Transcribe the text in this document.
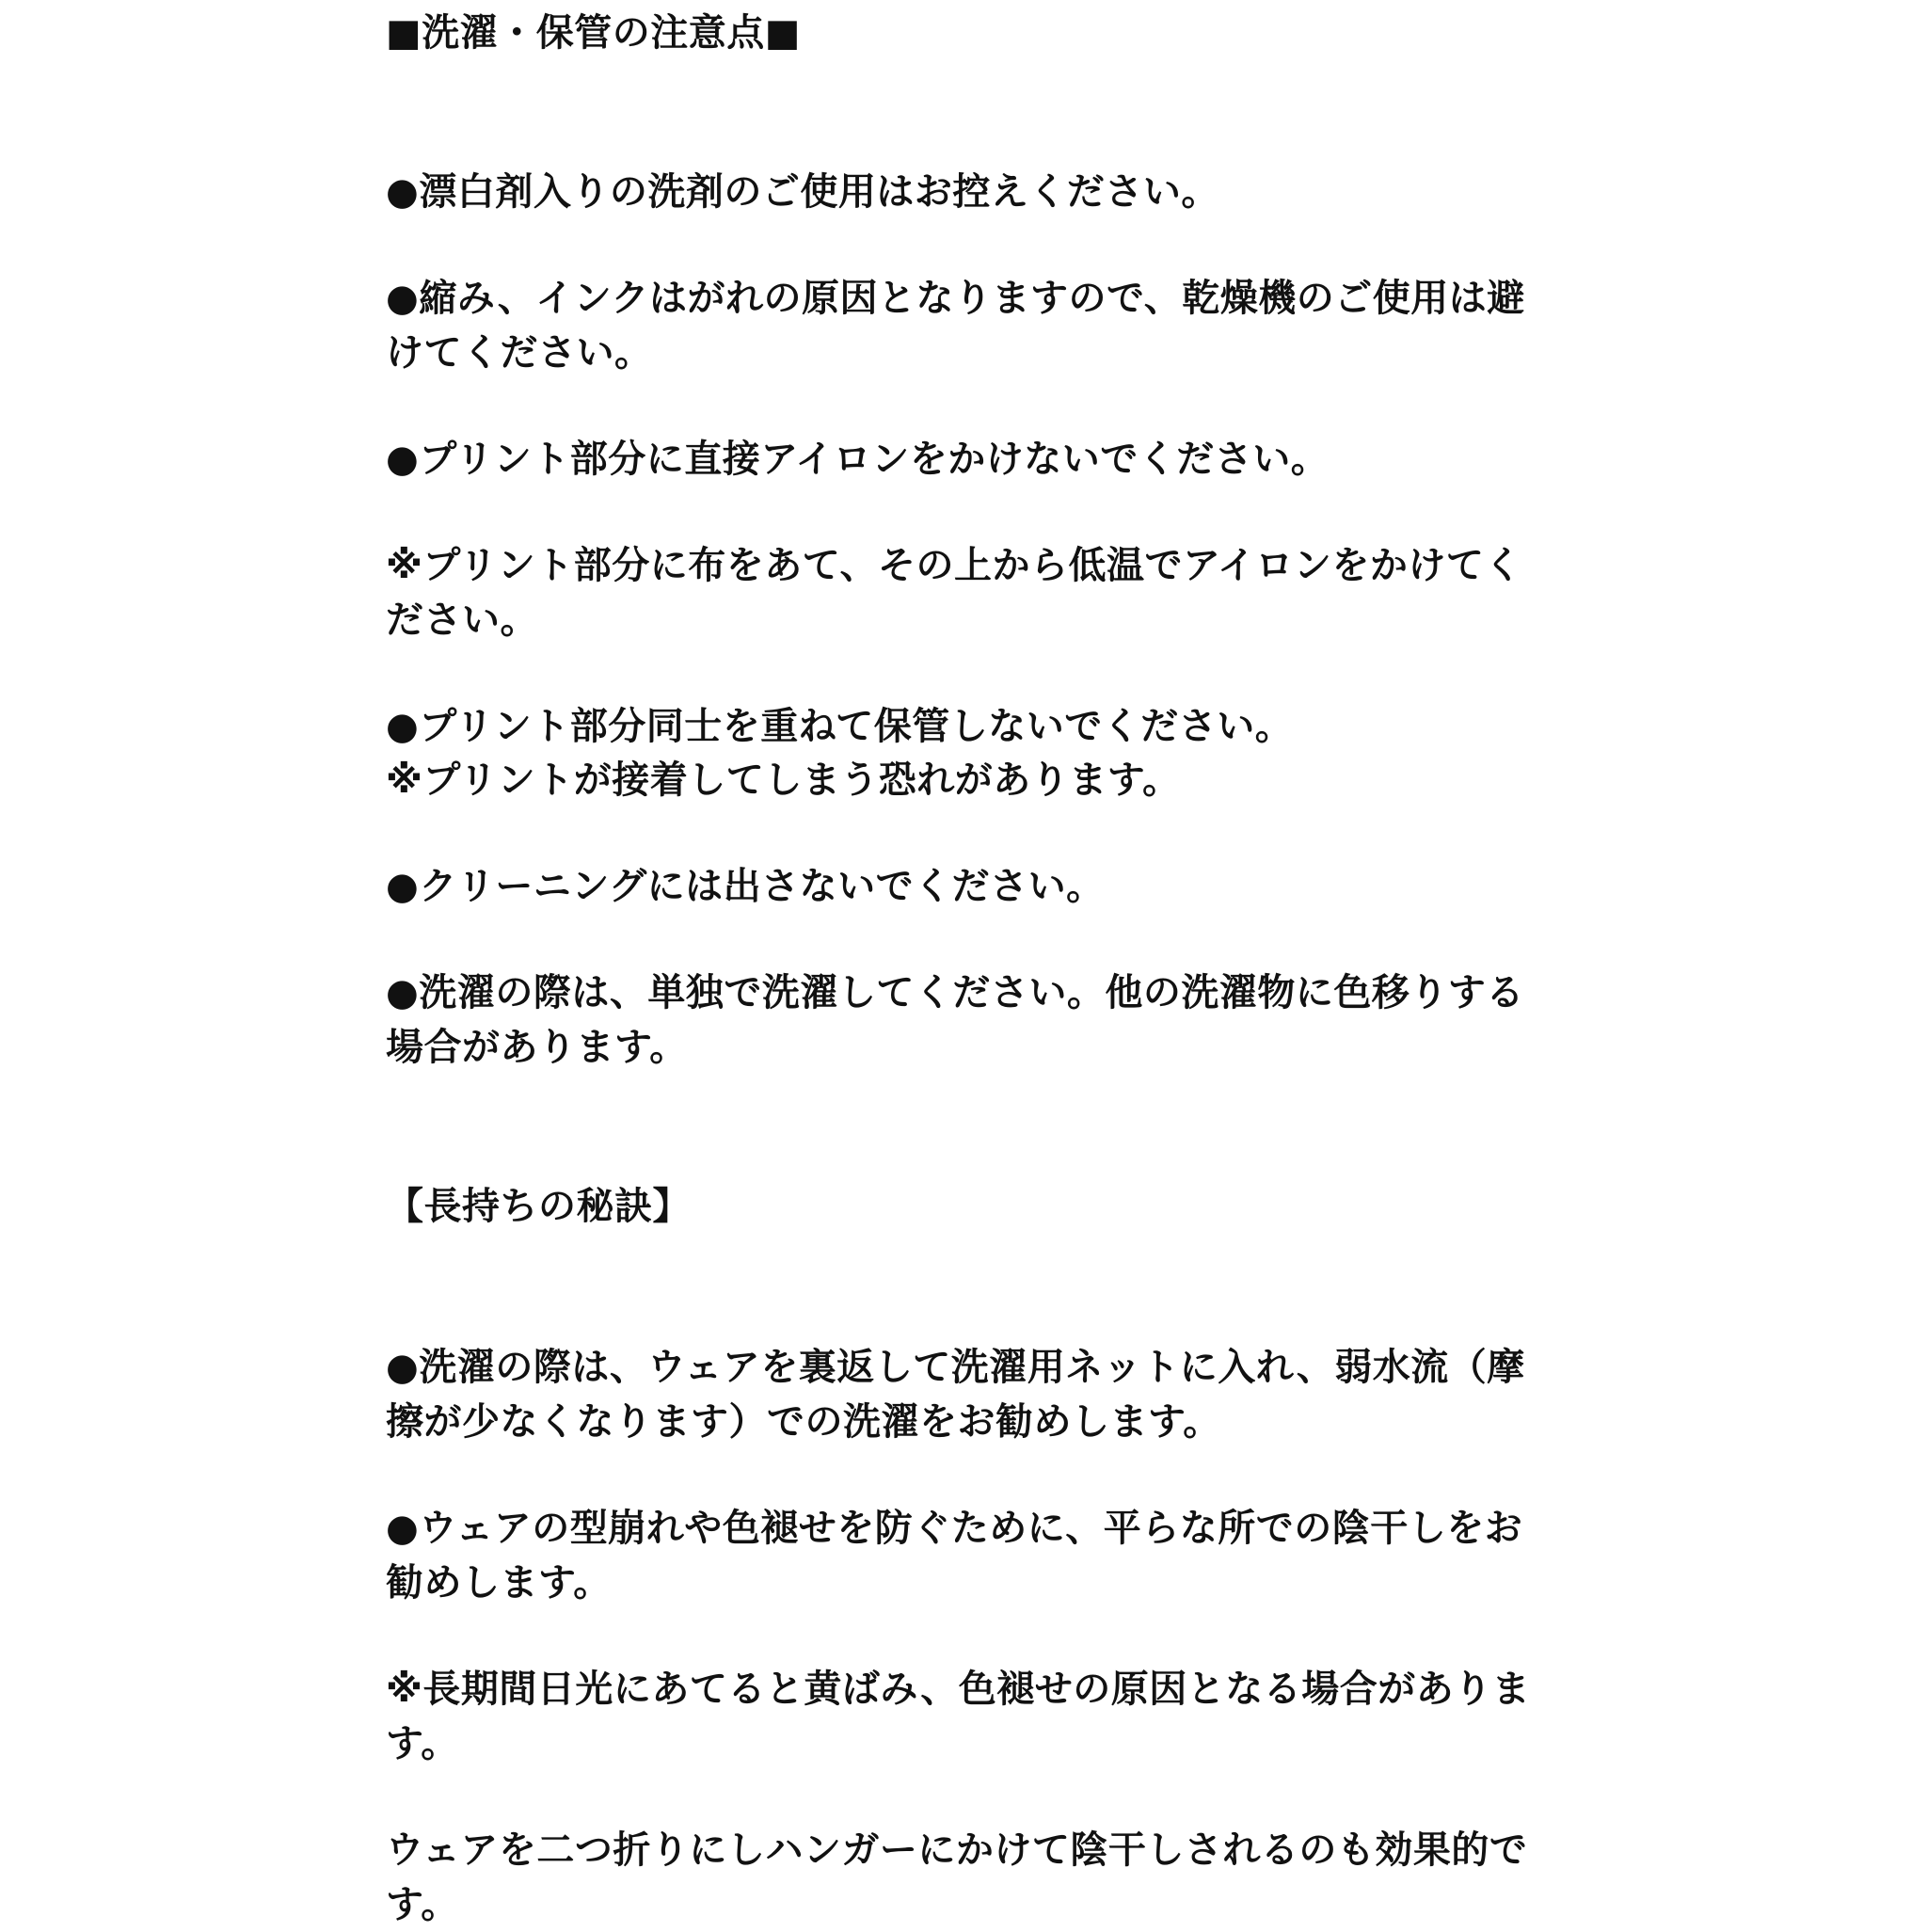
■洗濯・保管の注意点■
●漂白剤入りの洗剤のご使用はお控えください。
●縮み、インクはがれの原因となりますので、乾燥機のご使用は避けてください。
●プリント部分に直接アイロンをかけないでください。
※プリント部分に布をあて、その上から低温でアイロンをかけてください。
●プリント部分同士を重ねて保管しないでください。
※プリントが接着してしまう恐れがあります。
●クリーニングには出さないでください。
●洗濯の際は、単独で洗濯してください。他の洗濯物に色移りする場合があります。
【長持ちの秘訣】
●洗濯の際は、ウェアを裏返して洗濯用ネットに入れ、弱水流（摩擦が少なくなります）での洗濯をお勧めします。
●ウェアの型崩れや色褪せを防ぐために、平らな所での陰干しをお勧めします。
※長期間日光にあてると黄ばみ、色褪せの原因となる場合があります。
ウェアを二つ折りにしハンガーにかけて陰干しされるのも効果的です。
